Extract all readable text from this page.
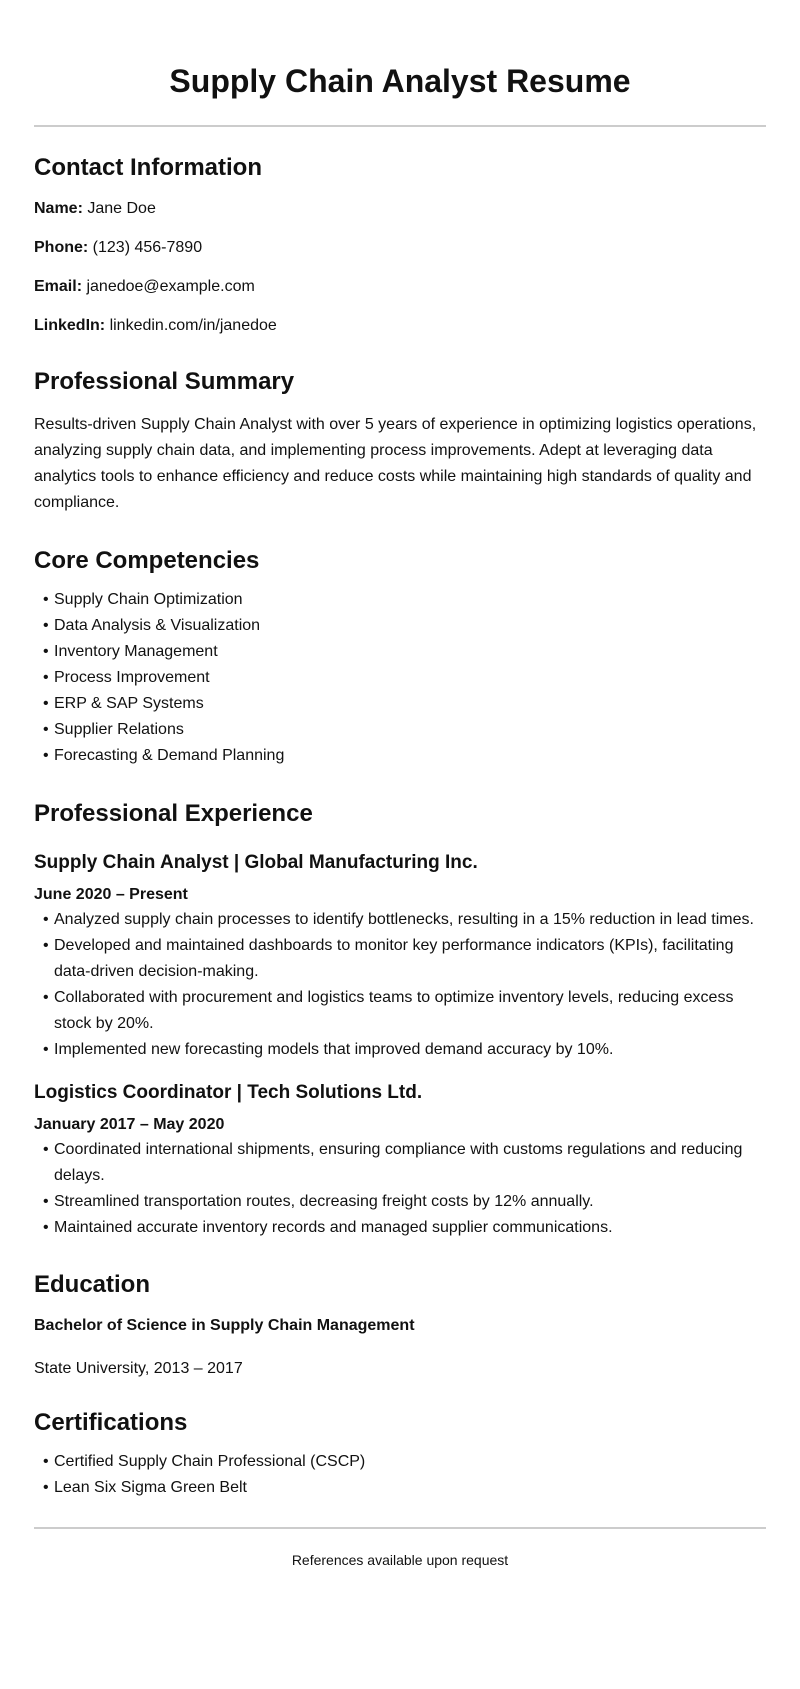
Supply Chain Analyst Resume
Contact Information

Name: Jane Doe

Phone: (123) 456-7890

Email: janedoe@example.com

LinkedIn: linkedin.com/in/janedoe

Professional Summary

Results-driven Supply Chain Analyst with over 5 years of experience in optimizing logistics operations, analyzing supply chain data, and implementing process improvements. Adept at leveraging data analytics tools to enhance efficiency and reduce costs while maintaining high standards of quality and compliance.

Core Competencies
• Supply Chain Optimization
• Data Analysis & Visualization
• Inventory Management
• Process Improvement
• ERP & SAP Systems
• Supplier Relations
• Forecasting & Demand Planning
Professional Experience
Supply Chain Analyst | Global Manufacturing Inc.
June 2020 – Present
• Analyzed supply chain processes to identify bottlenecks, resulting in a 15% reduction in lead times.
• Developed and maintained dashboards to monitor key performance indicators (KPIs), facilitating data-driven decision-making.
• Collaborated with procurement and logistics teams to optimize inventory levels, reducing excess stock by 20%.
• Implemented new forecasting models that improved demand accuracy by 10%.
Logistics Coordinator | Tech Solutions Ltd.
January 2017 – May 2020
• Coordinated international shipments, ensuring compliance with customs regulations and reducing delays.
• Streamlined transportation routes, decreasing freight costs by 12% annually.
• Maintained accurate inventory records and managed supplier communications.
Education
Bachelor of Science in Supply Chain Management

State University, 2013 – 2017

Certifications
• Certified Supply Chain Professional (CSCP)
• Lean Six Sigma Green Belt
References available upon request
